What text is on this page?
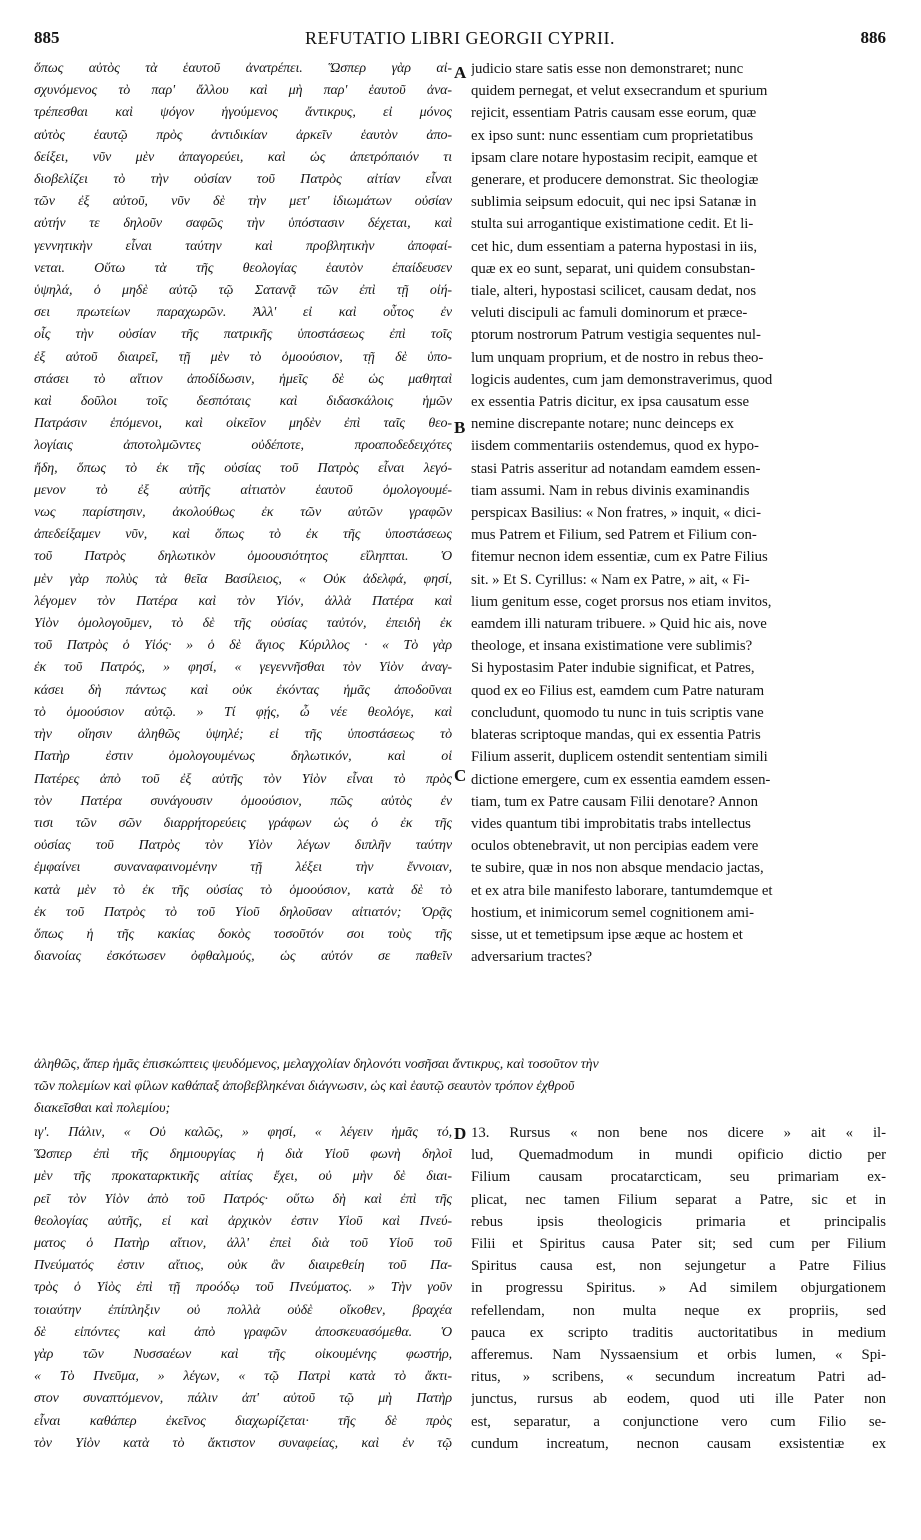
885	REFUTATIO LIBRI GEORGII CYPRII.	886
ὅπως αὐτὸς τὰ ἑαυτοῦ ἀνατρέπει. Ὥσπερ γὰρ αἰ-
σχυνόμενος τὸ παρ' ἄλλου καὶ μὴ παρ' ἑαυτοῦ ἀνα-
τρέπεσθαι καὶ ψόγον ἡγούμενος ἄντικρυς, εἰ μόνος
αὐτὸς ἑαυτῷ πρὸς ἀντιδικίαν ἀρκεῖν ἑαυτὸν ἀπο-
δείξει, νῦν μὲν ἀπαγορεύει, καὶ ὡς ἀπετρόπαιόν τι
διοβελίζει τὸ τὴν οὐσίαν τοῦ Πατρὸς αἰτίαν εἶναι
τῶν ἐξ αὐτοῦ, νῦν δὲ τὴν μετ' ἰδιωμάτων οὐσίαν
αὐτήν τε δηλοῦν σαφῶς τὴν ὑπόστασιν δέχεται, καὶ
γεννητικὴν εἶναι ταύτην καὶ προβλητικὴν ἀποφαί-
νεται. Οὕτω τὰ τῆς θεολογίας ἑαυτὸν ἐπαίδευσεν
ὑψηλά, ὁ μηδὲ αὐτῷ τῷ Σατανᾷ τῶν ἐπὶ τῇ οἰή-
σει πρωτείων παραχωρῶν. Ἀλλ' εἰ καὶ οὗτος ἐν
οἷς τὴν οὐσίαν τῆς πατρικῆς ὑποστάσεως ἐπὶ τοῖς
ἐξ αὐτοῦ διαιρεῖ, τῇ μὲν τὸ ὁμοούσιον, τῇ δὲ ὑπο-
στάσει τὸ αἴτιον ἀποδίδωσιν, ἡμεῖς δὲ ὡς μαθηταὶ
καὶ δοῦλοι τοῖς δεσπόταις καὶ διδασκάλοις ἡμῶν
Πατράσιν ἑπόμενοι, καὶ οἰκεῖον μηδὲν ἐπὶ ταῖς θεο-
λογίαις ἀποτολμῶντες οὐδέποτε, προαποδεδειχότες
ἤδη, ὅπως τὸ ἐκ τῆς οὐσίας τοῦ Πατρὸς εἶναι λεγό-
μενον τὸ ἐξ αὐτῆς αἰτιατὸν ἑαυτοῦ ὁμολογουμέ-
νως παρίστησιν, ἀκολούθως ἐκ τῶν αὐτῶν γραφῶν
ἀπεδείξαμεν νῦν, καὶ ὅπως τὸ ἐκ τῆς ὑποστάσεως
τοῦ Πατρὸς δηλωτικὸν ὁμοουσιότητος εἴληπται. Ὁ
μὲν γὰρ πολὺς τὰ θεῖα Βασίλειος, « Οὐκ ἀδελφά, φησί,
λέγομεν τὸν Πατέρα καὶ τὸν Υἱόν, ἀλλὰ Πατέρα καὶ
Υἱὸν ὁμολογοῦμεν, τὸ δὲ τῆς οὐσίας ταὐτόν, ἐπειδὴ ἐκ
τοῦ Πατρὸς ὁ Υἱός· » ὁ δὲ ἅγιος Κύριλλος · « Τὸ γὰρ
ἐκ τοῦ Πατρός, » φησί, « γεγεννῆσθαι τὸν Υἱὸν ἀναγ-
κάσει δὴ πάντως καὶ οὐκ ἐκόντας ἡμᾶς ἀποδοῦναι
τὸ ὁμοούσιον αὐτῷ. » Τί φῄς, ὦ νέε θεολόγε, καὶ
τὴν οἴησιν ἀληθῶς ὑψηλέ; εἰ τῆς ὑποστάσεως τὸ
Πατὴρ ἐστιν ὁμολογουμένως δηλωτικόν, καὶ οἱ
Πατέρες ἀπὸ τοῦ ἐξ αὐτῆς τὸν Υἱὸν εἶναι τὸ πρὸς
τὸν Πατέρα συνάγουσιν ὁμοούσιον, πῶς αὐτὸς ἐν
τισι τῶν σῶν διαρρήτορεύεις γράφων ὡς ὁ ἐκ τῆς
οὐσίας τοῦ Πατρὸς τὸν Υἱὸν λέγων διπλῆν ταύτην
ἐμφαίνει συναναφαινομένην τῇ λέξει τὴν ἔννοιαν,
κατὰ μὲν τὸ ἐκ τῆς οὐσίας τὸ ὁμοούσιον, κατὰ δὲ τὸ
ἐκ τοῦ Πατρὸς τὸ τοῦ Υἱοῦ δηλοῦσαν αἰτιατόν; Ὁρᾷς
ὅπως ἡ τῆς κακίας δοκὸς τοσοῦτόν σοι τοὺς τῆς
διανοίας ἐσκότωσεν ὀφθαλμούς, ὡς αὐτόν σε παθεῖν
judicio stare satis esse non demonstraret; nunc
quidem pernegat, et velut exsecrandum et spurium
rejicit, essentiam Patris causam esse eorum, quæ
ex ipso sunt: nunc essentiam cum proprietatibus
ipsam clare notare hypostasim recipit, eamque et
generare, et producere demonstrat. Sic theologiæ
sublimia seipsum edocuit, qui nec ipsi Satanæ in
stulta sui arrogantique existimatione cedit. Et li-
cet hic, dum essentiam a paterna hypostasi in iis,
quæ ex eo sunt, separat, uni quidem consubstan-
tiale, alteri, hypostasi scilicet, causam dedat, nos
veluti discipuli ac famuli dominorum et præce-
ptorum nostrorum Patrum vestigia sequentes nul-
lum unquam proprium, et de nostro in rebus theo-
logicis audentes, cum jam demonstraverimus, quod
ex essentia Patris dicitur, ex ipsa causatum esse
nemine discrepante notare; nunc deinceps ex
iisdem commentariis ostendemus, quod ex hypo-
stasi Patris asseritur ad notandam eamdem essen-
tiam assumi. Nam in rebus divinis examinandis
perspicax Basilius: « Non fratres, » inquit, « dici-
mus Patrem et Filium, sed Patrem et Filium con-
fitemur necnon idem essentiæ, cum ex Patre Filius
sit. » Et S. Cyrillus: « Nam ex Patre, » ait, « Fi-
lium genitum esse, coget prorsus nos etiam invitos,
eamdem illi naturam tribuere. » Quid hic ais, nove
theologe, et insana existimatione vere sublimis?
Si hypostasim Pater indubie significat, et Patres,
quod ex eo Filius est, eamdem cum Patre naturam
concludunt, quomodo tu nunc in tuis scriptis vane
blateras scriptoque mandas, qui ex essentia Patris
Filium asserit, duplicem ostendit sententiam simili
dictione emergere, cum ex essentia eamdem essen-
tiam, tum ex Patre causam Filii denotare? Annon
vides quantum tibi improbitatis trabs intellectus
oculos obtenebravit, ut non percipias eadem vere
te subire, quæ in nos non absque mendacio jactas,
et ex atra bile manifesto laborare, tantumdemque et
hostium, et inimicorum semel cognitionem ami-
sisse, ut et temetipsum ipse æque ac hostem et
adversarium tractes?
ἀληθῶς, ἅπερ ἡμᾶς ἐπισκώπτεις ψευδόμενος, μελαγχολίαν δηλονότι νοσῆσαι ἄντικρυς, καὶ τοσοῦτον τὴν
τῶν πολεμίων καὶ φίλων καθάπαξ ἀποβεβληκέναι διάγνωσιν, ὡς καὶ ἑαυτῷ σεαυτὸν τρόπον ἐχθροῦ
διακεῖσθαι καὶ πολεμίου;
ιγ'. Πάλιν, « Οὐ καλῶς, » φησί, « λέγειν ἡμᾶς τό,
Ὥσπερ ἐπὶ τῆς δημιουργίας ἡ διὰ Υἱοῦ φωνὴ δηλοῖ
μὲν τῆς προκαταρκτικῆς αἰτίας ἔχει, οὐ μὴν δὲ διαι-
ρεῖ τὸν Υἱὸν ἀπὸ τοῦ Πατρός· οὕτω δὴ καὶ ἐπὶ τῆς
θεολογίας αὐτῆς, εἰ καὶ ἀρχικὸν ἐστιν Υἱοῦ καὶ Πνεύ-
ματος ὁ Πατὴρ αἴτιον, ἀλλ' ἐπεὶ διὰ τοῦ Υἱοῦ τοῦ
Πνεύματός ἐστιν αἴτιος, οὐκ ἂν διαιρεθείη τοῦ Πα-
τρὸς ὁ Υἱὸς ἐπὶ τῇ προόδῳ τοῦ Πνεύματος. » Τὴν γοῦν
τοιαύτην ἐπίπληξιν οὐ πολλὰ οὐδὲ οἴκοθεν, βραχέα
δὲ εἰπόντες καὶ ἀπὸ γραφῶν ἀποσκευασόμεθα. Ὁ
γὰρ τῶν Νυσσαέων καὶ τῆς οἰκουμένης φωστήρ,
« Τὸ Πνεῦμα, » λέγων, « τῷ Πατρὶ κατὰ τὸ ἄκτι-
στον συναπτόμενον, πάλιν ἀπ' αὐτοῦ τῷ μὴ Πατὴρ
εἶναι καθάπερ ἐκεῖνος διαχωρίζεται· τῆς δὲ πρὸς
τὸν Υἱὸν κατὰ τὸ ἄκτιστον συναφείας, καὶ ἐν τῷ
13. Rursus « non bene nos dicere » ait « il-
lud, Quemadmodum in mundi opificio dictio per
Filium causam procatarcticam, seu primariam ex-
plicat, nec tamen Filium separat a Patre, sic et in
rebus ipsis theologicis primaria et principalis
Filii et Spiritus causa Pater sit; sed cum per Filium
Spiritus causa est, non sejungetur a Patre Filius
in progressu Spiritus. » Ad similem objurgationem
refellendam, non multa neque ex propriis, sed
pauca ex scripto traditis auctoritatibus in medium
afferemus. Nam Nyssaensium et orbis lumen, « Spi-
ritus, » scribens, « secundum increatum Patri ad-
junctus, rursus ab eodem, quod uti ille Pater non
est, separatur, a conjunctione vero cum Filio se-
cundum increatum, necnon causam exsistentiæ ex
A
B
C
D
